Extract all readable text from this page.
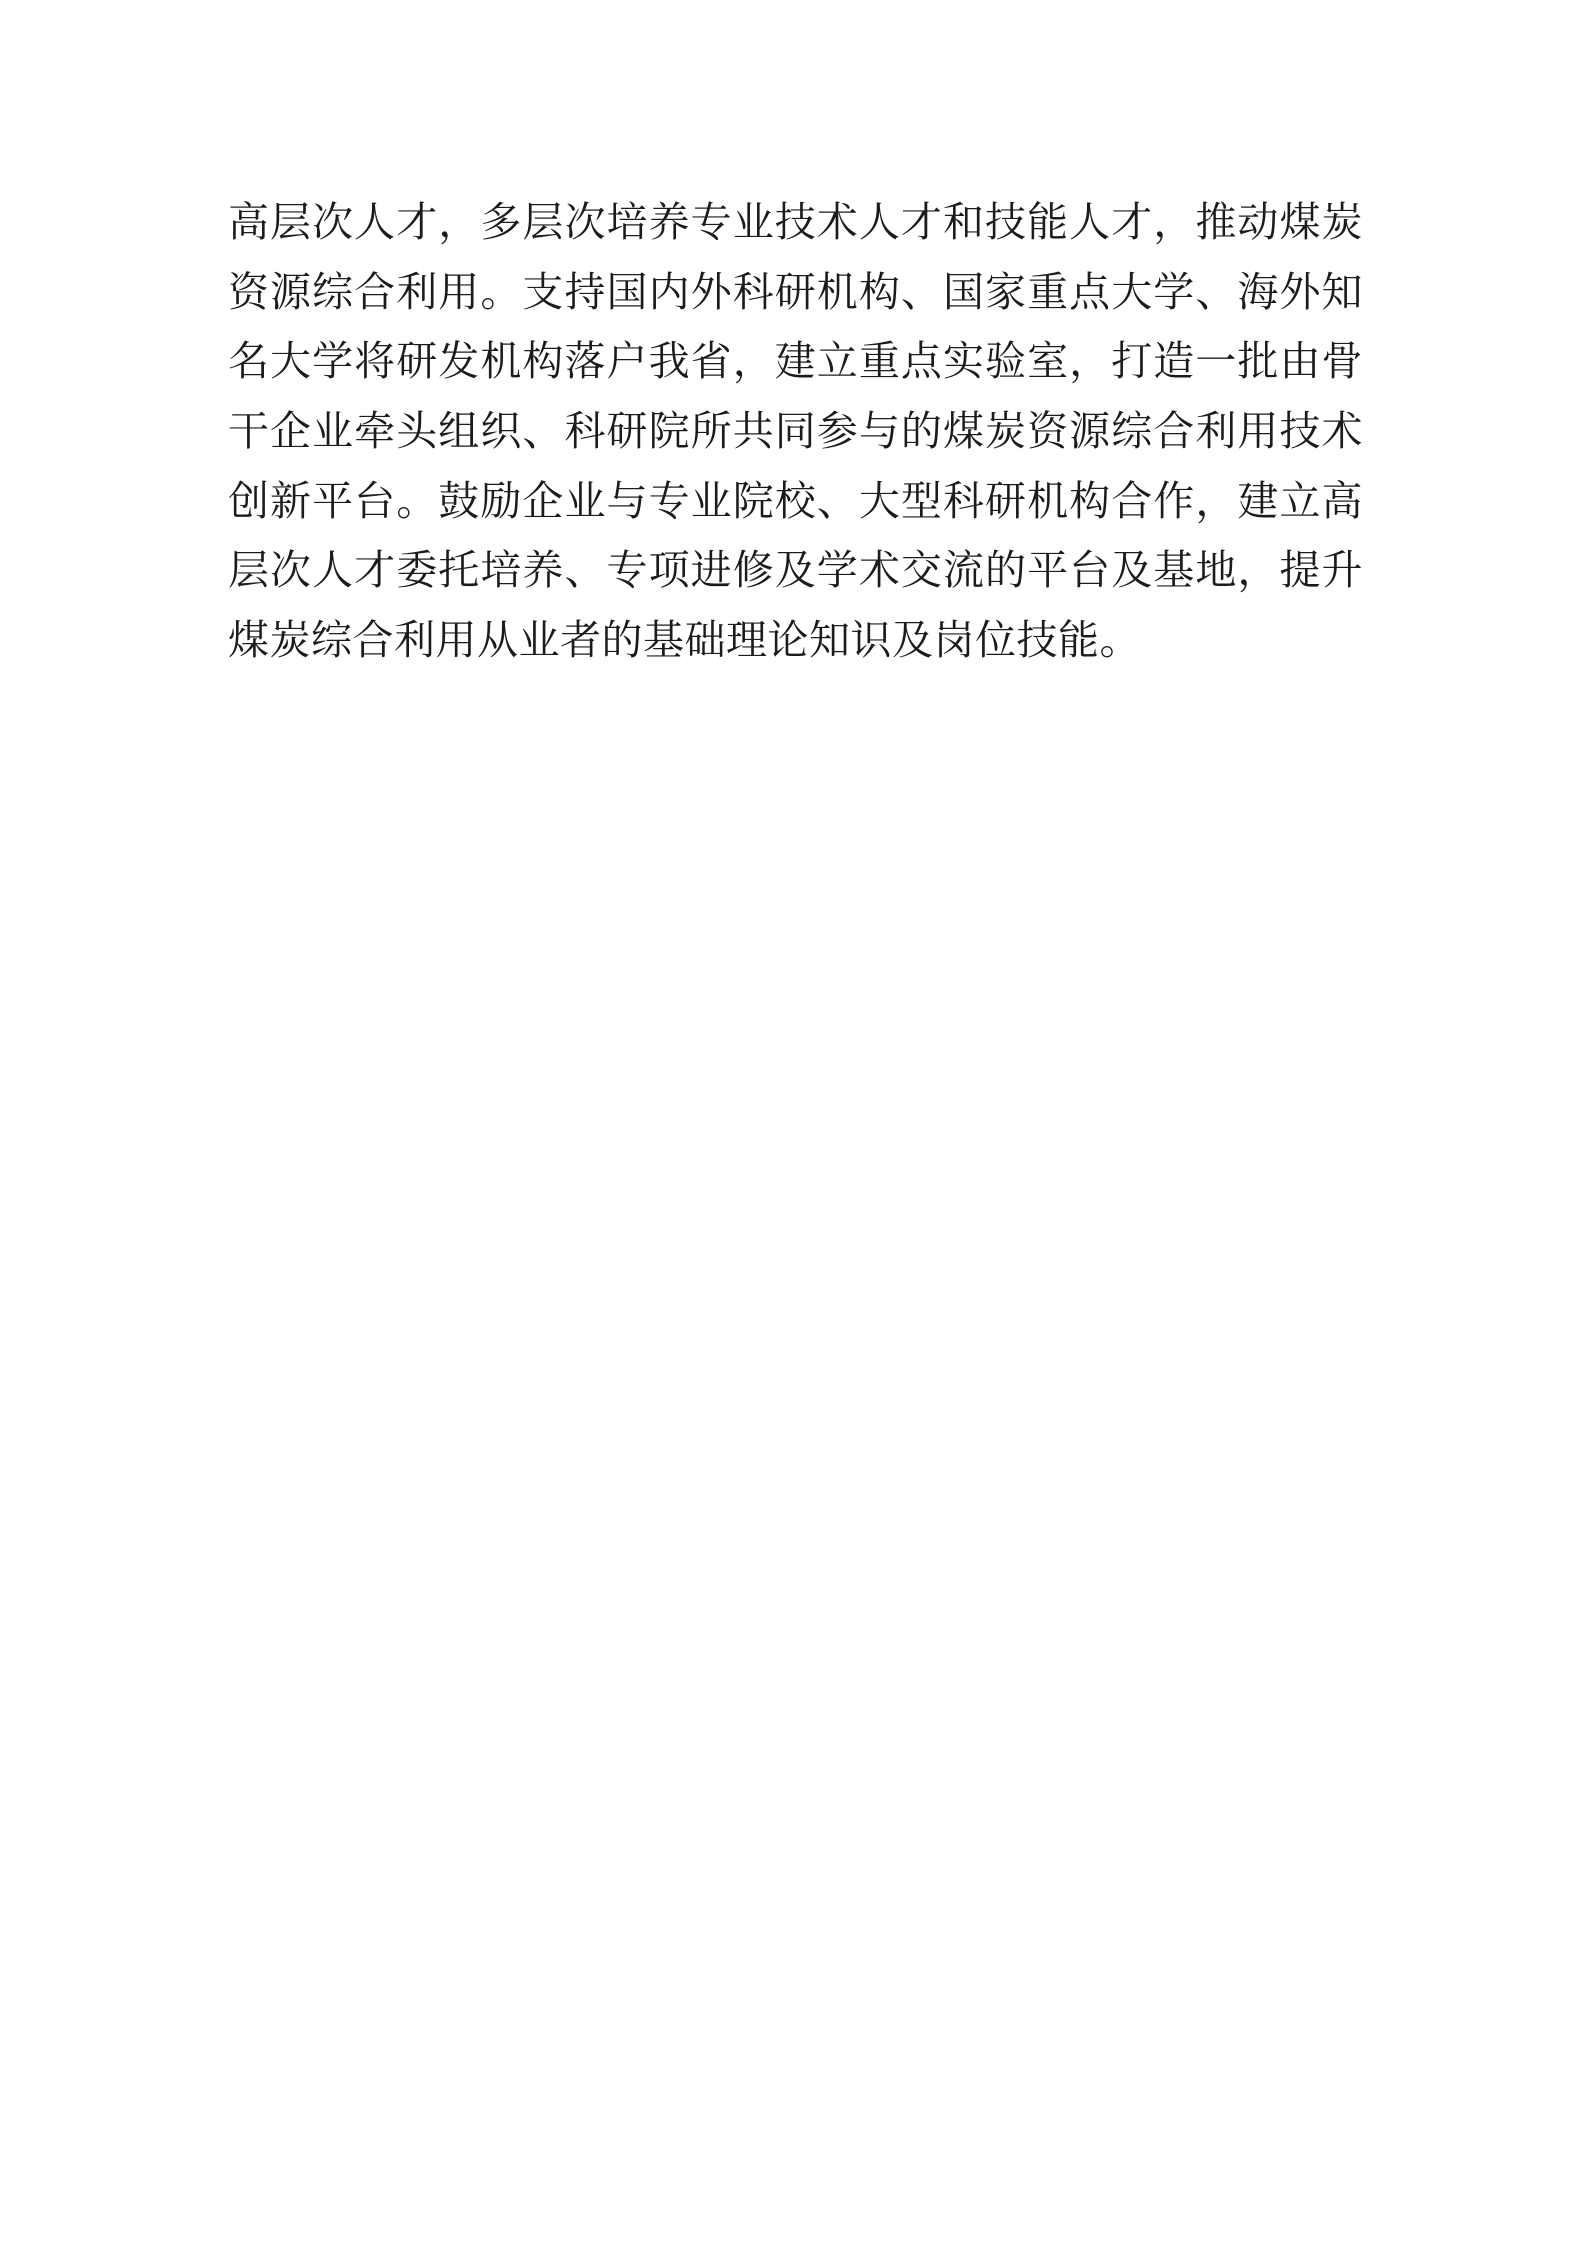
高层次人才，多层次培养专业技术人才和技能人才，推动煤炭资源综合利用。支持国内外科研机构、国家重点大学、海外知名大学将研发机构落户我省，建立重点实验室，打造一批由骨干企业牵头组织、科研院所共同参与的煤炭资源综合利用技术创新平台。鼓励企业与专业院校、大型科研机构合作，建立高层次人才委托培养、专项进修及学术交流的平台及基地，提升煤炭综合利用从业者的基础理论知识及岗位技能。
